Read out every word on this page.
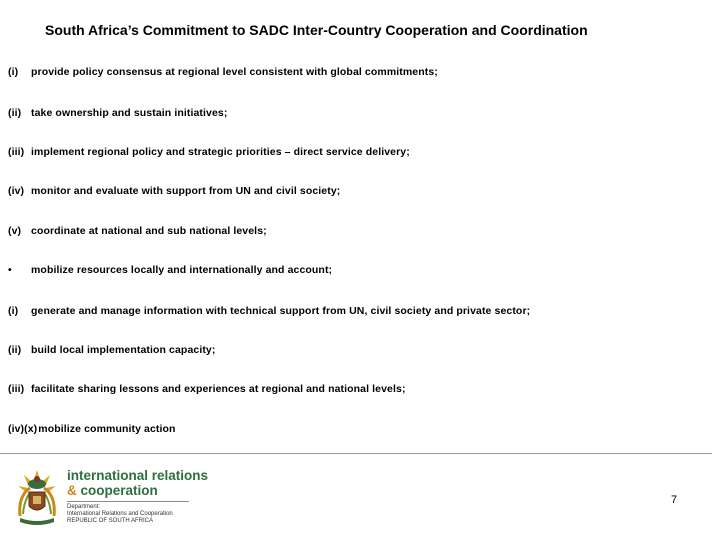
South Africa’s Commitment to SADC Inter-Country Cooperation and Coordination
(i) provide policy consensus at regional level consistent with global commitments;
(ii) take ownership and sustain initiatives;
(iii) implement regional policy and strategic priorities – direct service delivery;
(iv) monitor and evaluate with support from UN and civil society;
(v) coordinate at national and sub national levels;
• mobilize resources locally and internationally and account;
(i) generate and manage information with technical support from UN, civil society and private sector;
(ii) build local implementation capacity;
(iii) facilitate sharing lessons and experiences at regional and national levels;
(iv)(x)mobilize community action

international relations

& cooperation

Department:

International Relations and Cooperation

REPUBLIC OF SOUTH AFRICA

7
